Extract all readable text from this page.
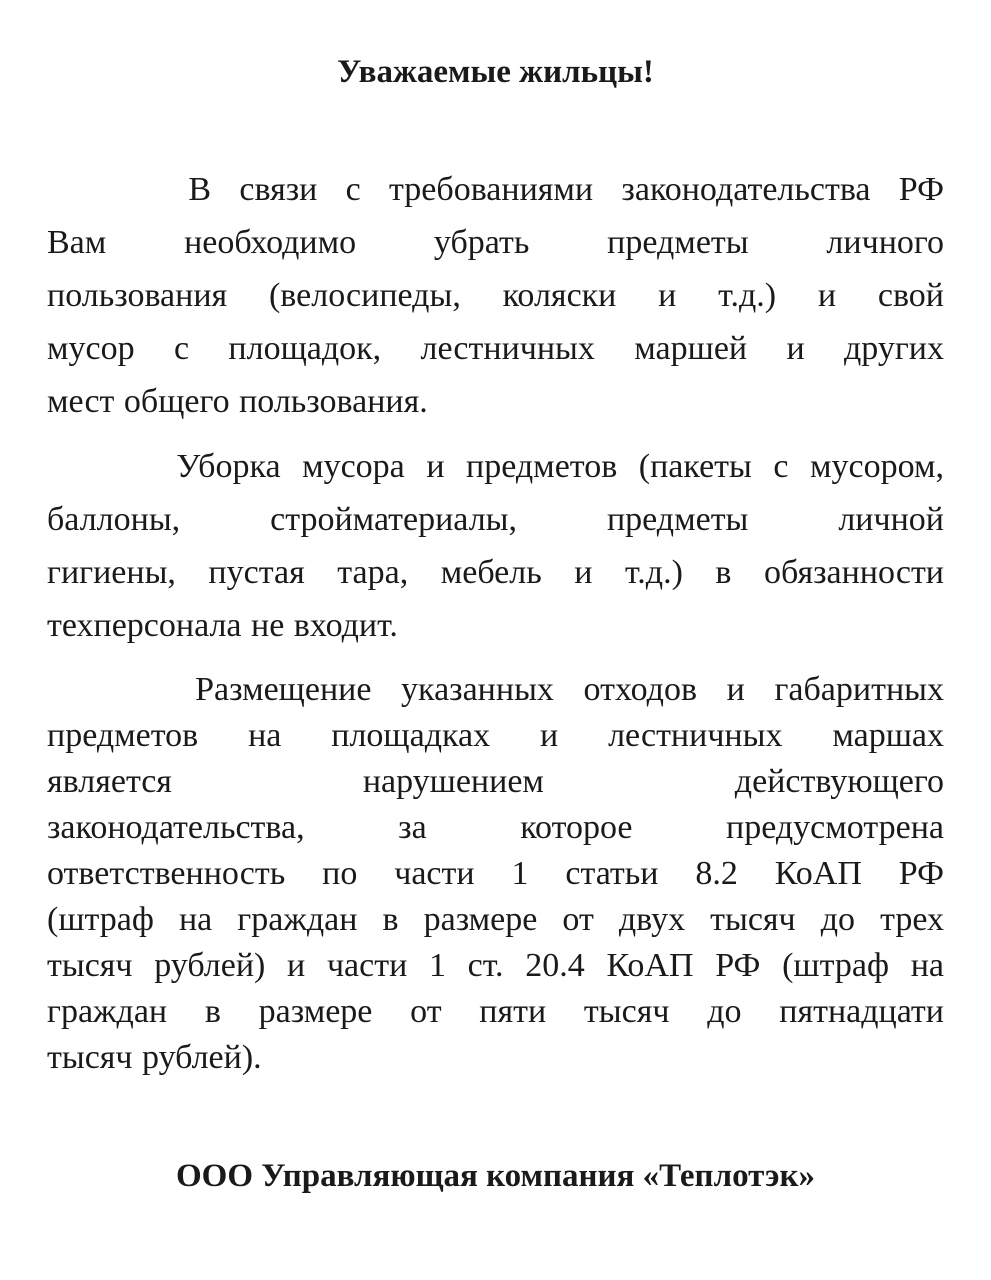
Уважаемые жильцы!

В связи с требованиями законодательства РФ
Вам необходимо убрать предметы личного
пользования (велосипеды, коляски и т.д.) и свой
мусор с площадок, лестничных маршей и других
мест общего пользования.

Уборка мусора и предметов (пакеты с мусором,
баллоны, стройматериалы, предметы личной
гигиены, пустая тара, мебель и т.д.) в обязанности
техперсонала не входит.

Размещение указанных отходов и габаритных
предметов на площадках и лестничных маршах
является нарушением действующего
законодательства, за которое предусмотрена
ответственность по части 1 статьи 8.2 КоАП РФ
(штраф на граждан в размере от двух тысяч до трех
тысяч рублей) и части 1 ст. 20.4 КоАП РФ (штраф на
граждан в размере от пяти тысяч до пятнадцати
тысяч рублей).

ООО Управляющая компания «Теплотэк»
